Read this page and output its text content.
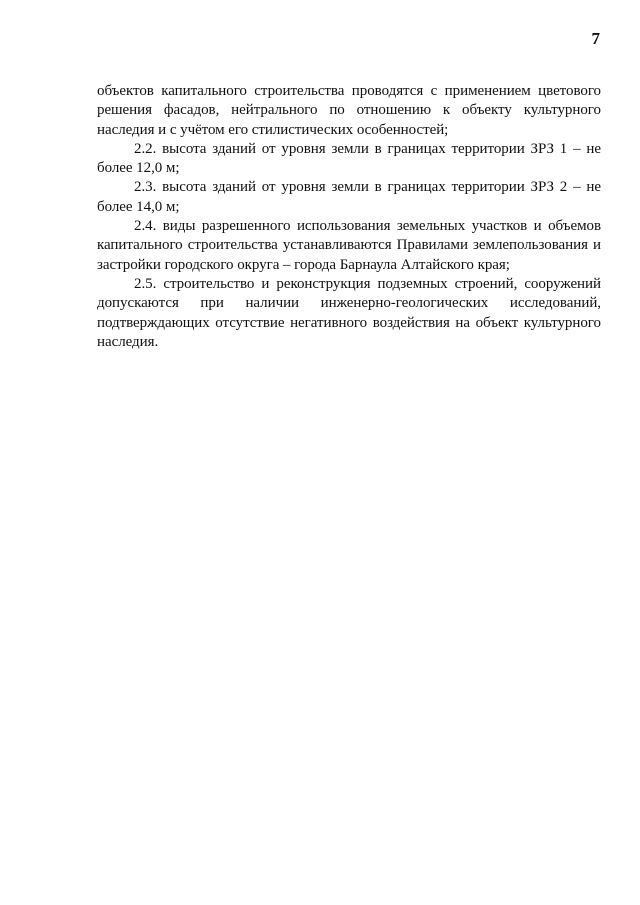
7

объектов капитального строительства проводятся с применением цветового решения фасадов, нейтрального по отношению к объекту культурного наследия и с учётом его стилистических особенностей;

2.2. высота зданий от уровня земли в границах территории ЗРЗ 1 – не более 12,0 м;

2.3. высота зданий от уровня земли в границах территории ЗРЗ 2 – не более 14,0 м;

2.4. виды разрешенного использования земельных участков и объемов капитального строительства устанавливаются Правилами землепользования и застройки городского округа – города Барнаула Алтайского края;

2.5. строительство и реконструкция подземных строений, сооружений допускаются при наличии инженерно-геологических исследований, подтверждающих отсутствие негативного воздействия на объект культурного наследия.
